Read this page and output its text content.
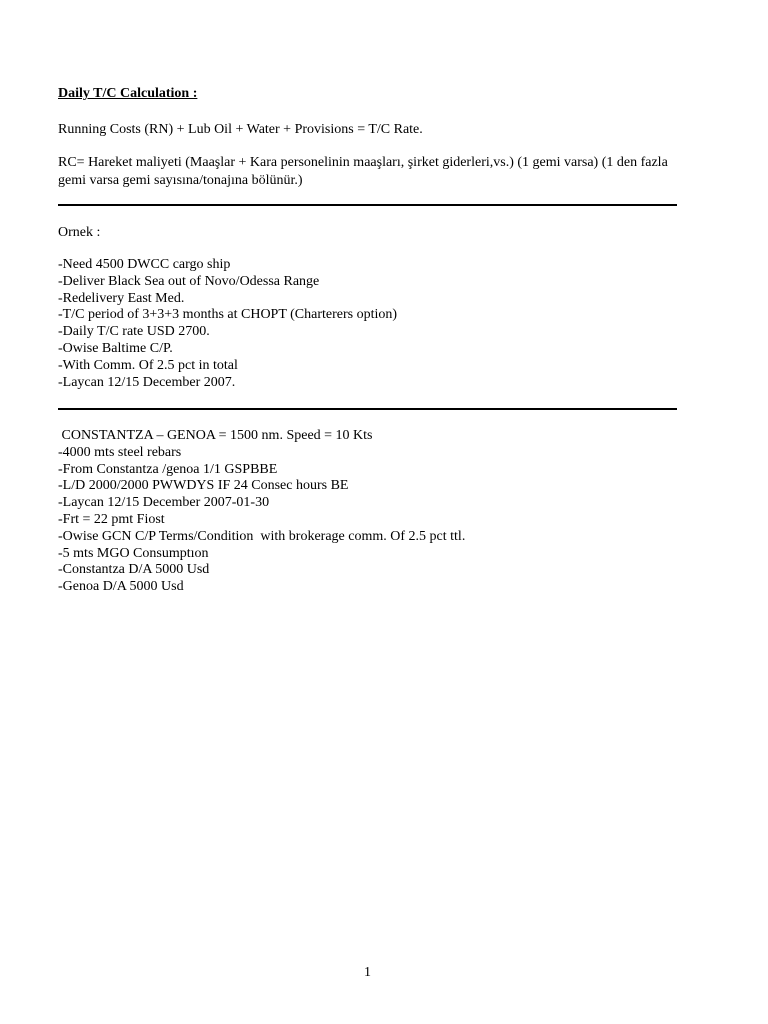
Daily T/C Calculation :
Running Costs (RN) + Lub Oil + Water + Provisions = T/C Rate.
RC= Hareket maliyeti (Maaşlar + Kara personelinin maaşları, şirket giderleri,vs.) (1 gemi varsa) (1 den fazla gemi varsa gemi sayısına/tonajına bölünür.)
Ornek :
-Need 4500 DWCC cargo ship
-Deliver Black Sea out of Novo/Odessa Range
-Redelivery East Med.
-T/C period of 3+3+3 months at CHOPT (Charterers option)
-Daily T/C rate USD 2700.
-Owise Baltime C/P.
-With Comm. Of 2.5 pct in total
-Laycan 12/15 December 2007.
CONSTANTZA – GENOA = 1500 nm. Speed = 10 Kts
-4000 mts steel rebars
-From Constantza /genoa 1/1 GSPBBE
-L/D 2000/2000 PWWDYS IF 24 Consec hours BE
-Laycan 12/15 December 2007-01-30
-Frt = 22 pmt Fiost
-Owise GCN C/P Terms/Condition  with brokerage comm. Of 2.5 pct ttl.
-5 mts MGO Consumptıon
-Constantza D/A 5000 Usd
-Genoa D/A 5000 Usd
1
